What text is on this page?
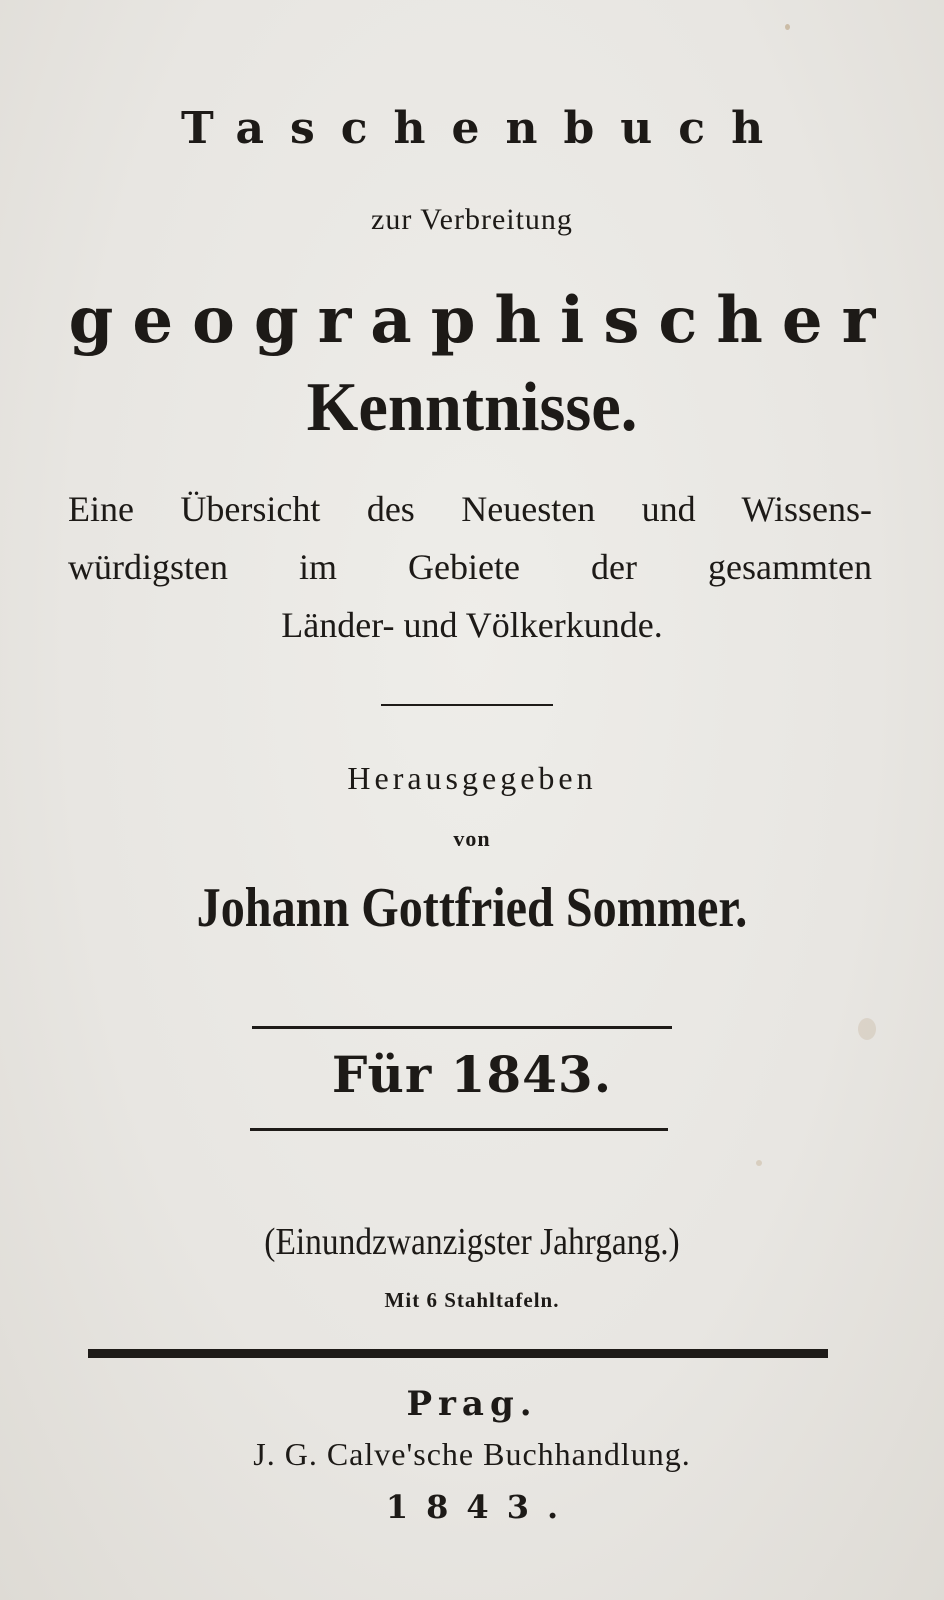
Taschenbuch
zur Verbreitung
geographischer
Kenntnisse.
Eine Übersicht des Neuesten und Wissens-
würdigsten im Gebiete der gesammten
Länder- und Völkerkunde.
Herausgegeben
von
Johann Gottfried Sommer.
Für 1843.
(Einundzwanzigster Jahrgang.)
Mit 6 Stahltafeln.
Prag.
J. G. Calve'sche Buchhandlung.
1843.
